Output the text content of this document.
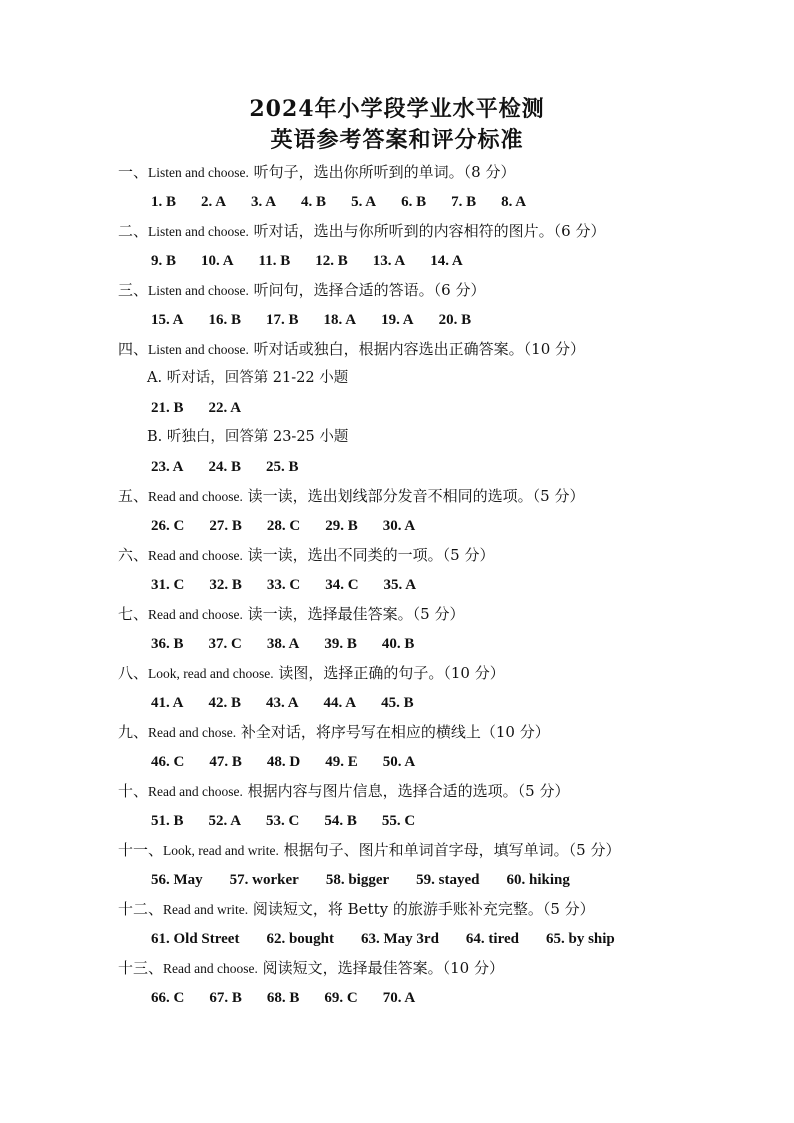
2024年小学段学业水平检测
英语参考答案和评分标准
一、Listen and choose. 听句子，选出你所听到的单词。（8 分）
1. B 2. A 3. A 4. B 5. A 6. B 7. B 8. A
二、Listen and choose. 听对话，选出与你所听到的内容相符的图片。（6 分）
9. B 10. A 11. B 12. B 13. A 14. A
三、Listen and choose. 听问句，选择合适的答语。（6 分）
15. A 16. B 17. B 18. A 19. A 20. B
四、Listen and choose. 听对话或独白，根据内容选出正确答案。（10 分）
A. 听对话，回答第 21-22 小题
21. B 22. A
B. 听独白，回答第 23-25 小题
23. A 24. B 25. B
五、Read and choose. 读一读，选出划线部分发音不相同的选项。（5 分）
26. C 27. B 28. C 29. B 30. A
六、Read and choose. 读一读，选出不同类的一项。（5 分）
31. C 32. B 33. C 34. C 35. A
七、Read and choose. 读一读，选择最佳答案。（5 分）
36. B 37. C 38. A 39. B 40. B
八、Look, read and choose. 读图，选择正确的句子。（10 分）
41. A 42. B 43. A 44. A 45. B
九、Read and chose. 补全对话，将序号写在相应的横线上（10 分）
46. C 47. B 48. D 49. E 50. A
十、Read and choose. 根据内容与图片信息，选择合适的选项。（5 分）
51. B 52. A 53. C 54. B 55. C
十一、Look, read and write. 根据句子、图片和单词首字母，填写单词。（5 分）
56. May 57. worker 58. bigger 59. stayed 60. hiking
十二、Read and write. 阅读短文，将 Betty 的旅游手账补充完整。（5 分）
61. Old Street 62. bought 63. May 3rd 64. tired 65. by ship
十三、Read and choose. 阅读短文，选择最佳答案。（10 分）
66. C 67. B 68. B 69. C 70. A
